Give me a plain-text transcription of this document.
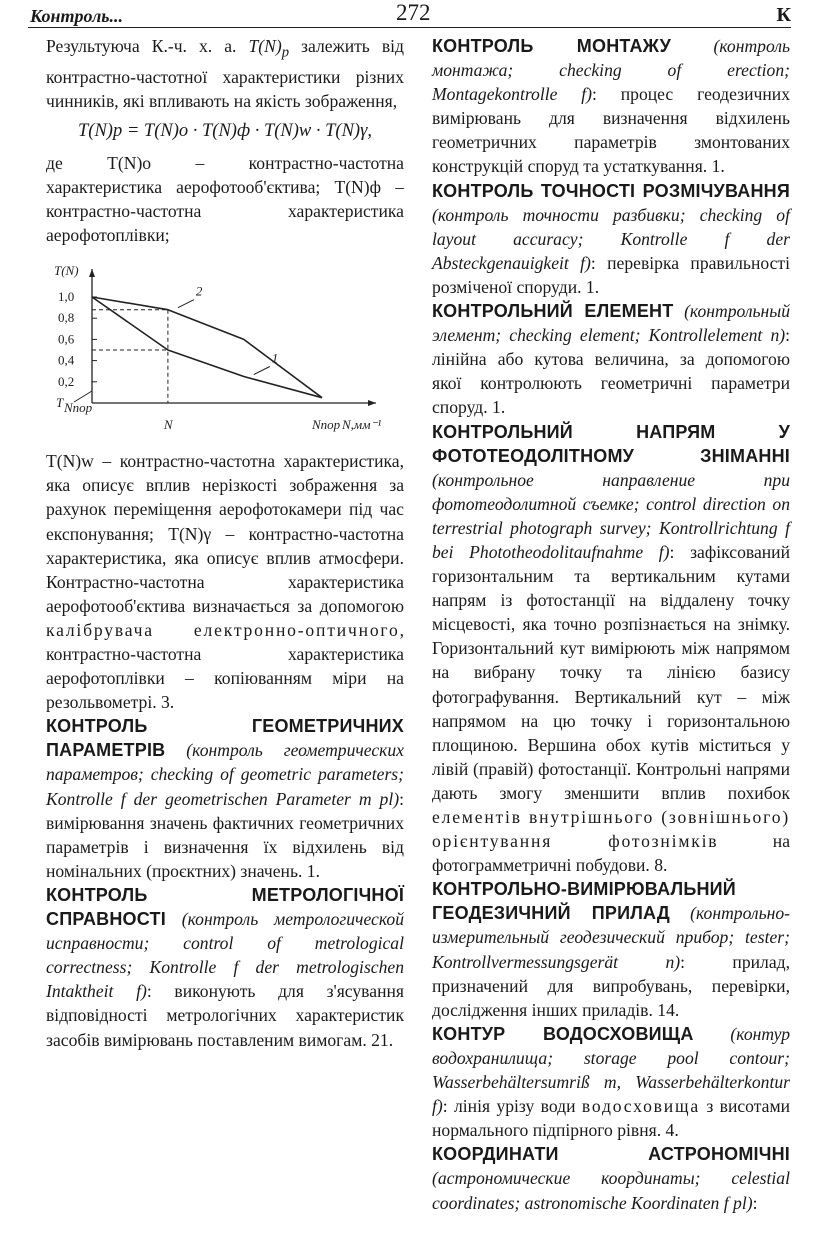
Контроль...	272	К

Результуюча К.-ч. х. а. $T(N)_p$ залежить від контрастно-частотної характеристики різних чинників, які впливають на якість зображення,

T(N)p = T(N)o · T(N)ф · T(N)w · T(N)γ,

де T(N)o – контрастно-частотна характеристика аерофотооб'єктива; T(N)ф – контрастно-частотна характеристика аерофотоплівки;

T(N)
1,0
0,8
0,6
0,4
0,2
T Nпор
2
1
N	Nпор N,мм⁻¹

T(N)w – контрастно-частотна характеристика, яка описує вплив нерізкості зображення за рахунок переміщення аерофотокамери під час експонування; T(N)γ – контрастно-частотна характеристика, яка описує вплив атмосфери. Контрастно-частотна характеристика аерофотооб'єктива визначається за допомогою калібрувача електронно-оптичного, контрастно-частотна характеристика аерофотоплівки – копіюванням міри на резольвометрі. 3.

КОНТРОЛЬ ГЕОМЕТРИЧНИХ ПАРАМЕТРІВ (контроль геометрических параметров; checking of geometric parameters; Kontrolle f der geometrischen Parameter m pl): вимірювання значень фактичних геометричних параметрів і визначення їх відхилень від номінальних (проєктних) значень. 1.

КОНТРОЛЬ МЕТРОЛОГІЧНОЇ СПРАВНОСТІ (контроль метрологической исправности; control of metrological correctness; Kontrolle f der metrologischen Intaktheit f): виконують для з'ясування відповідності метрологічних характеристик засобів вимірювань поставленим вимогам. 21.

КОНТРОЛЬ МОНТАЖУ (контроль монтажа; checking of erection; Montagekontrolle f): процес геодезичних вимірювань для визначення відхилень геометричних параметрів змонтованих конструкцій споруд та устаткування. 1.

КОНТРОЛЬ ТОЧНОСТІ РОЗМІЧУВАННЯ (контроль точности разбивки; checking of layout accuracy; Kontrolle f der Absteckgenauigkeit f): перевірка правильності розміченої споруди. 1.

КОНТРОЛЬНИЙ ЕЛЕМЕНТ (контрольный элемент; checking element; Kontrollelement n): лінійна або кутова величина, за допомогою якої контролюють геометричні параметри споруд. 1.

КОНТРОЛЬНИЙ НАПРЯМ У ФОТОТЕОДОЛІТНОМУ ЗНІМАННІ (контрольное направление при фототеодолитной съемке; control direction on terrestrial photograph survey; Kontrollrichtung f bei Phototheodolitaufnahme f): зафіксований горизонтальним та вертикальним кутами напрям із фотостанції на віддалену точку місцевості, яка точно розпізнається на знімку. Горизонтальний кут вимірюють між напрямом на вибрану точку та лінією базису фотографування. Вертикальний кут – між напрямом на цю точку і горизонтальною площиною. Вершина обох кутів міститься у лівій (правій) фотостанції. Контрольні напрями дають змогу зменшити вплив похибок елементів внутрішнього (зовнішнього) орієнтування фотознімків на фотограмметричні побудови. 8.

КОНТРОЛЬНО-ВИМІРЮВАЛЬНИЙ ГЕОДЕЗИЧНИЙ ПРИЛАД (контрольно-измерительный геодезический прибор; tester; Kontrollvermessungsgerät n): прилад, призначений для випробувань, перевірки, дослідження інших приладів. 14.

КОНТУР ВОДОСХОВИЩА (контур водохранилища; storage pool contour; Wasserbehältersumriß m, Wasserbehälterkontur f): лінія урізу води водосховища з висотами нормального підпірного рівня. 4.

КООРДИНАТИ АСТРОНОМІЧНІ (астрономические координаты; celestial coordinates; astronomische Koordinaten f pl):
